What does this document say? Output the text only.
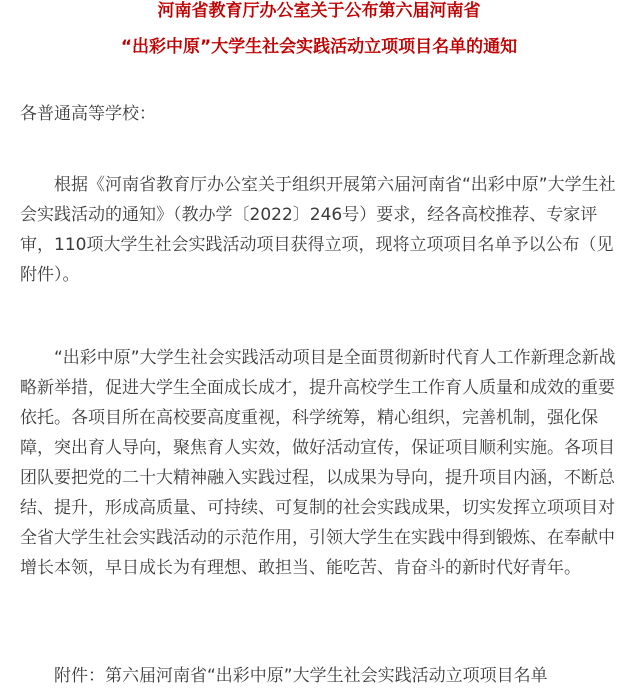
河南省教育厅办公室关于公布第六届河南省
“出彩中原”大学生社会实践活动立项项目名单的通知
各普通高等学校：
根据《河南省教育厅办公室关于组织开展第六届河南省“出彩中原”大学生社
会实践活动的通知》（教办学〔2022〕246号）要求，经各高校推荐、专家评
审，110项大学生社会实践活动项目获得立项，现将立项项目名单予以公布（见
附件）。
“出彩中原”大学生社会实践活动项目是全面贯彻新时代育人工作新理念新战
略新举措，促进大学生全面成长成才，提升高校学生工作育人质量和成效的重要
依托。各项目所在高校要高度重视，科学统筹，精心组织，完善机制，强化保
障，突出育人导向，聚焦育人实效，做好活动宣传，保证项目顺利实施。各项目
团队要把党的二十大精神融入实践过程，以成果为导向，提升项目内涵，不断总
结、提升，形成高质量、可持续、可复制的社会实践成果，切实发挥立项项目对
全省大学生社会实践活动的示范作用，引领大学生在实践中得到锻炼、在奉献中
增长本领，早日成长为有理想、敢担当、能吃苦、肯奋斗的新时代好青年。
附件：第六届河南省“出彩中原”大学生社会实践活动立项项目名单
